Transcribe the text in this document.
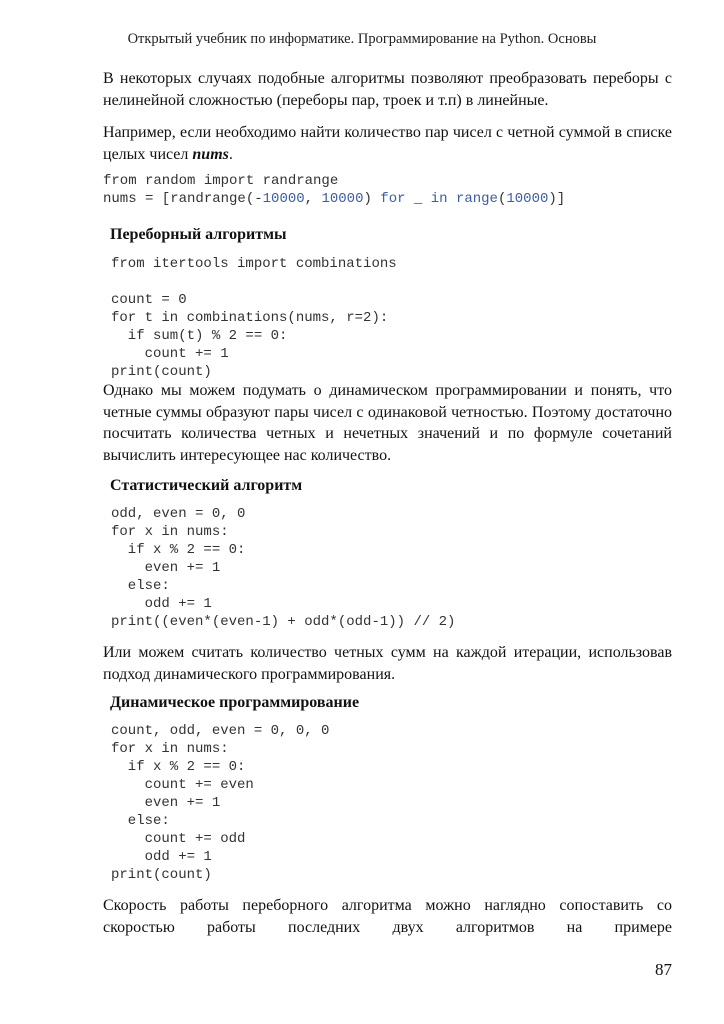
Открытый учебник по информатике. Программирование на Python. Основы

В некоторых случаях подобные алгоритмы позволяют преобразовать переборы с нелинейной сложностью (переборы пар, троек и т.п) в линейные.

Например, если необходимо найти количество пар чисел с четной суммой в списке целых чисел nums.

from random import randrange
nums = [randrange(-10000, 10000) for _ in range(10000)]
Переборный алгоритмы
from itertools import combinations

count = 0
for t in combinations(nums, r=2):
if sum(t) % 2 == 0:
count += 1
print(count)

Однако мы можем подумать о динамическом программировании и понять, что четные суммы образуют пары чисел с одинаковой четностью. Поэтому достаточно посчитать количества четных и нечетных значений и по формуле сочетаний вычислить интересующее нас количество.

Статистический алгоритм
odd, even = 0, 0
for x in nums:
if x % 2 == 0:
even += 1
else:
odd += 1
print((even*(even-1) + odd*(odd-1)) // 2)

Или можем считать количество четных сумм на каждой итерации, использовав подход динамического программирования.

Динамическое программирование
count, odd, even = 0, 0, 0
for x in nums:
if x % 2 == 0:
count += even
even += 1
else:
count += odd
odd += 1
print(count)

Скорость работы переборного алгоритма можно наглядно сопоставить со скоростью работы последних двух алгоритмов на примере

87
